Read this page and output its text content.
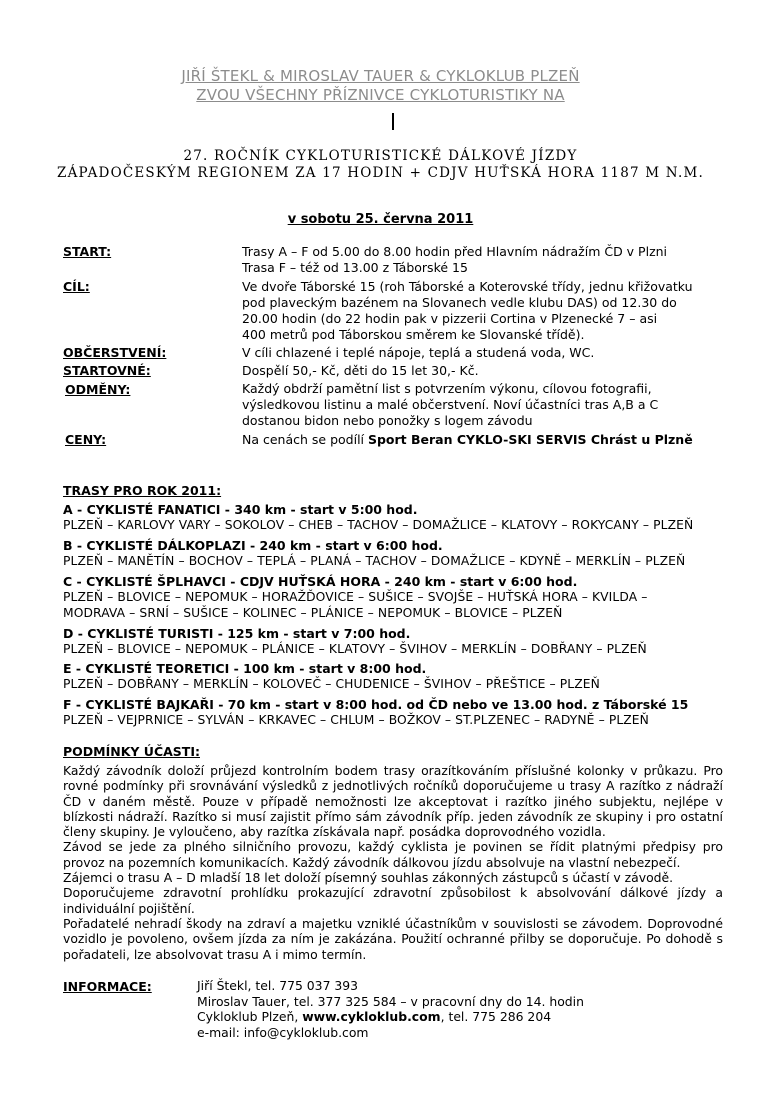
JIŘÍ ŠTEKL & MIROSLAV TAUER & CYKLOKLUB PLZEŇ
ZVOU VŠECHNY PŘÍZNIVCE CYKLOTURISTIKY NA
27. ROČNÍK CYKLOTURISTICKÉ DÁLKOVÉ JÍZDY
ZÁPADOČESKÝM REGIONEM ZA 17 HODIN + CDJV HUŤSKÁ HORA 1187 M N.M.
v sobotu 25. června 2011
START:	Trasy A – F od 5.00 do 8.00 hodin před Hlavním nádražím ČD v Plzni
Trasa F – též od 13.00 z Táborské 15
CÍL:	Ve dvoře Táborské 15 (roh Táborské a Koterovské třídy, jednu křižovatku
pod plaveckým bazénem na Slovanech vedle klubu DAS) od 12.30 do
20.00 hodin (do 22 hodin pak v pizzerii Cortina v Plzenecké 7 – asi
400 metrů pod Táborskou směrem ke Slovanské třídě).
OBČERSTVENÍ:	V cíli chlazené i teplé nápoje, teplá a studená voda, WC.
STARTOVNÉ:	Dospělí 50,- Kč, děti do 15 let 30,- Kč.
ODMĚNY:	Každý obdrží pamětní list s potvrzením výkonu, cílovou fotografii,
výsledkovou listinu a malé občerstvení. Noví účastníci tras A,B a C
dostanou bidon nebo ponožky s logem závodu
CENY:	Na cenách se podílí Sport Beran CYKLO-SKI SERVIS Chrást u Plzně
TRASY PRO ROK 2011:
A - CYKLISTÉ FANATICI - 340 km - start v 5:00 hod.
PLZEŇ – KARLOVY VARY – SOKOLOV – CHEB – TACHOV – DOMAŽLICE – KLATOVY – ROKYCANY – PLZEŇ
B - CYKLISTÉ DÁLKOPLAZI - 240 km - start v 6:00 hod.
PLZEŇ – MANĚTÍN – BOCHOV – TEPLÁ – PLANÁ – TACHOV – DOMAŽLICE – KDYNĚ – MERKLÍN – PLZEŇ
C - CYKLISTÉ ŠPLHAVCI - CDJV HUŤSKÁ HORA - 240 km - start v 6:00 hod.
PLZEŇ – BLOVICE – NEPOMUK – HORAŽĎOVICE – SUŠICE – SVOJŠE – HUŤSKÁ HORA – KVILDA –
MODRAVA – SRNÍ – SUŠICE – KOLINEC – PLÁNICE – NEPOMUK – BLOVICE – PLZEŇ
D - CYKLISTÉ TURISTI - 125 km - start v 7:00 hod.
PLZEŇ – BLOVICE – NEPOMUK – PLÁNICE – KLATOVY – ŠVIHOV – MERKLÍN – DOBŘANY – PLZEŇ
E - CYKLISTÉ TEORETICI - 100 km - start v 8:00 hod.
PLZEŇ – DOBŘANY – MERKLÍN – KOLOVEČ – CHUDENICE – ŠVIHOV – PŘEŠTICE – PLZEŇ
F - CYKLISTÉ BAJKAŘI - 70 km - start v 8:00 hod. od ČD nebo ve 13.00 hod. z Táborské 15
PLZEŇ – VEJPRNICE – SYLVÁN – KRKAVEC – CHLUM – BOŽKOV – ST.PLZENEC – RADYNĚ – PLZEŇ
PODMÍNKY ÚČASTI:

Každý závodník doloží průjezd kontrolním bodem trasy orazítkováním příslušné kolonky v průkazu. Pro rovné podmínky při srovnávání výsledků z jednotlivých ročníků doporučujeme u trasy A razítko z nádraží ČD v daném městě. Pouze v případě nemožnosti lze akceptovat i razítko jiného subjektu, nejlépe v blízkosti nádraží. Razítko si musí zajistit přímo sám závodník příp. jeden závodník ze skupiny i pro ostatní členy skupiny. Je vyloučeno, aby razítka získávala např. posádka doprovodného vozidla.

Závod se jede za plného silničního provozu, každý cyklista je povinen se řídit platnými předpisy pro provoz na pozemních komunikacích. Každý závodník dálkovou jízdu absolvuje na vlastní nebezpečí.

Zájemci o trasu A – D mladší 18 let doloží písemný souhlas zákonných zástupců s účastí v závodě.

Doporučujeme zdravotní prohlídku prokazující zdravotní způsobilost k absolvování dálkové jízdy a individuální pojištění.

Pořadatelé nehradí škody na zdraví a majetku vzniklé účastníkům v souvislosti se závodem. Doprovodné vozidlo je povoleno, ovšem jízda za ním je zakázána. Použití ochranné přilby se doporučuje. Po dohodě s pořadateli, lze absolvovat trasu A i mimo termín.

INFORMACE:	Jiří Štekl, tel. 775 037 393
Miroslav Tauer, tel. 377 325 584 – v pracovní dny do 14. hodin
Cykloklub Plzeň, www.cykloklub.com, tel. 775 286 204
e-mail: info@cykloklub.com
